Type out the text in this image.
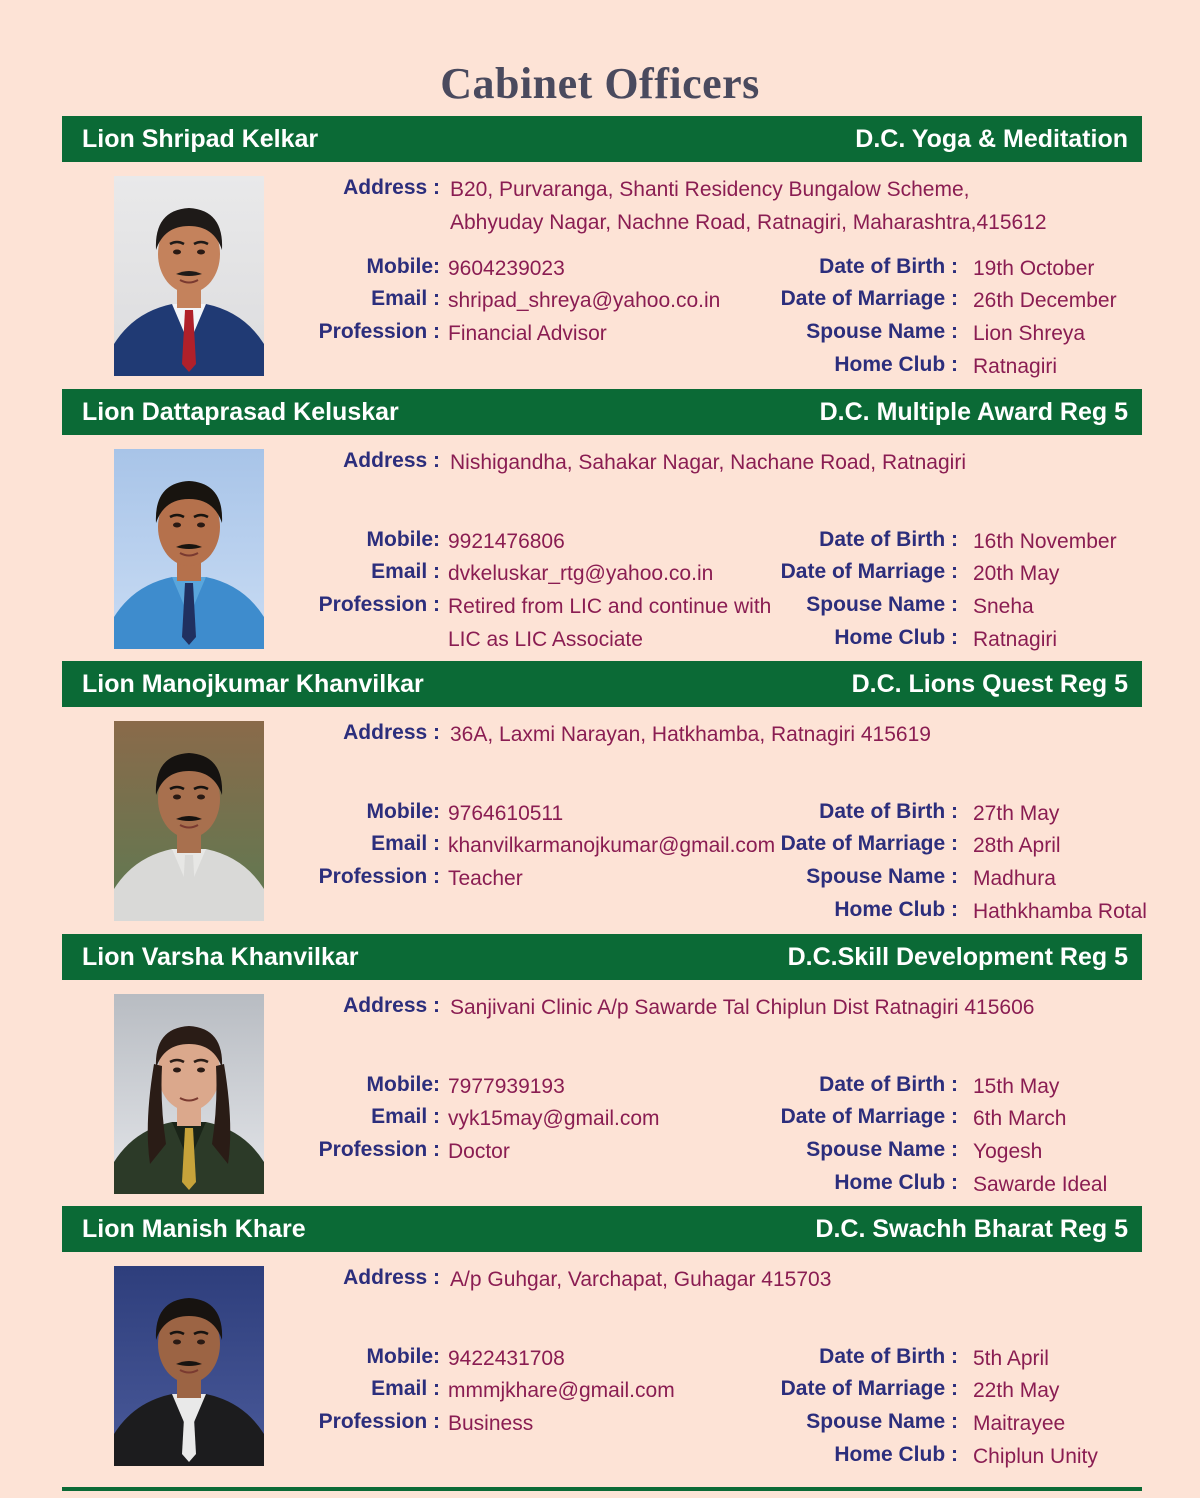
Cabinet Officers
Lion Shripad Kelkar	D.C. Yoga & Meditation
Address : B20, Purvaranga, Shanti Residency Bungalow Scheme,
Abhyuday Nagar, Nachne Road, Ratnagiri, Maharashtra,415612
Mobile: 9604239023
Email : shripad_shreya@yahoo.co.in
Profession : Financial Advisor
Date of Birth : 19th October
Date of Marriage : 26th December
Spouse Name : Lion Shreya
Home Club : Ratnagiri
Lion Dattaprasad Keluskar	D.C. Multiple Award Reg 5
Address : Nishigandha, Sahakar Nagar, Nachane Road, Ratnagiri
Mobile: 9921476806
Email : dvkeluskar_rtg@yahoo.co.in
Profession : Retired from LIC and continue with
LIC as LIC Associate
Date of Birth : 16th November
Date of Marriage : 20th May
Spouse Name : Sneha
Home Club : Ratnagiri
Lion Manojkumar Khanvilkar	D.C. Lions Quest Reg 5
Address : 36A, Laxmi Narayan, Hatkhamba, Ratnagiri 415619
Mobile: 9764610511
Email : khanvilkarmanojkumar@gmail.com
Profession : Teacher
Date of Birth : 27th May
Date of Marriage : 28th April
Spouse Name : Madhura
Home Club : Hathkhamba Rotal
Lion Varsha Khanvilkar	D.C.Skill Development Reg 5
Address : Sanjivani Clinic A/p Sawarde Tal Chiplun Dist Ratnagiri 415606
Mobile: 7977939193
Email : vyk15may@gmail.com
Profession : Doctor
Date of Birth : 15th May
Date of Marriage : 6th March
Spouse Name : Yogesh
Home Club : Sawarde Ideal
Lion Manish Khare	D.C. Swachh Bharat Reg 5
Address : A/p Guhgar, Varchapat, Guhagar 415703
Mobile: 9422431708
Email : mmmjkhare@gmail.com
Profession : Business
Date of Birth : 5th April
Date of Marriage : 22th May
Spouse Name : Maitrayee
Home Club : Chiplun Unity
